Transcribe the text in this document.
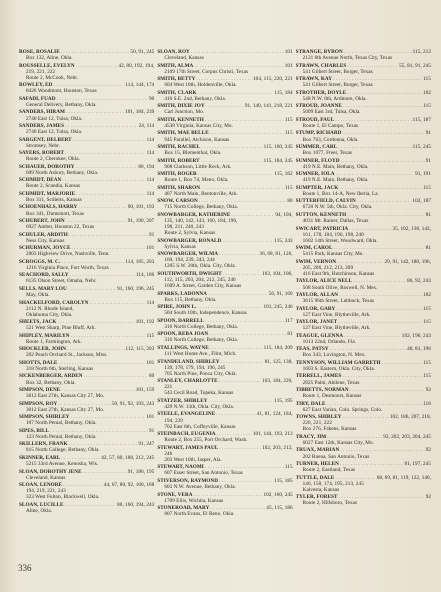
ROSE, ROSALIE . . .	50, 91, 245
Box 132, Aline, Okla.
ROUSSELLE, EVELYN . . .	42, 80, 192, 194,
219, 221, 222
Route 2, McCook, Nebr.
ROWLEY, ED . . .	114, 144, 174
8426 Woodmont, Houston, Texas
SAFADI, FUAD . . .	90
General Delivery, Bethany, Okla.
SANDERS, HIRAM . . .	101, 184, 239
2740 East 12, Tulsa, Okla.
SANDERS, JAMES . . .	24, 114
2740 East 12, Tulsa, Okla.
SARGENT, DELBERT . . .	114
Stromsey, Nebr.
SAYERS, ROBERT . . .	114
Route 2, Cherokee, Okla.
SCHAUER, DOROTHY . . .	80, 194
609 North Asbury, Bethany, Okla.
SCHMIDT, DEAN . . .	114
Route 2, Scandia, Kansas
SCHMIDT, MARJORIE . . .	114
Box 311, Scdierts, Kansas
SCHOENHALS, HARRY . . .	90, 101, 193
Box 341, Dumsmott, Texas
SCHUBERT, JOHN . . .	91, 190, 207
6927 Amber, Houston 22, Texas
SCHULER, ARDITH . . .	91
Ness City, Kansas
SCHURMAN, JOYCE . . .	101
2003 Highview Drive, Nashville, Tenn.
SCROGGS, M. C. . . .	114, 185, 203
1216 Virginia Place, Fort Worth, Texas
SEACHORD, SALLY . . .	114, 186
6135 Olson Street, Omaha, Nebr.
SELLS, MARY LOU . . .	91, 160, 196, 245
May, Okla.
SHACKELFORD, CAROLYN . . .	114
2112 N. Rhode Island,
Oklahoma City, Okla.
SHEETS, JACK . . .	101, 192
521 West Sharp, Pine Bluff, Ark.
SHIPLEY, MARILYN . . .	115
Route 1, Farmington, Ark.
SHOCKLER, JOHN . . .	112, 115, 203
202 Peach Orchard St., Jackson, Miss.
SHOTTS, DALE . . .	101
318 North 6th, Sterling, Kansas
SICKENBERGER, ARDEN . . .	80
Box 32, Bethany, Okla.
SIMPSON, DENE . . .	101, 159
3012 East 27th, Kansas City 27, Mo.
SIMPSON, ROY . . .	50, 91, 92, 193, 243
3012 East 27th, Kansas City 27, Mo.
SIMPSON, SHIRLEY . . .	101
107 North Penial, Bethany, Okla.
SIPES, BILL . . .	91
123 North Penial, Bethany, Okla.
SKILLERN, FRANK . . .	91, 247
815 North College, Bethany, Okla.
SKINNER, EARL . . .	42, 57, 80, 188, 212, 245
5215 33rd Avenue, Kenosha, Wis.
SLOAN, DOROTHY JENE . . .	91, 186, 195
Cleveland, Kansas
SLOAN, LENORE . . .	44, 67, 80, 92, 160, 168
194, 219, 221, 243
323 West Fulton, Blackwell, Okla.
SLOAN, LUCILLE . . .	80, 160, 194, 243
Aline, Okla.
SLOAN, ROY . . .	101
Cleveland, Kansas
SMITH, ALMA . . .	101
2109 17th Street, Corpus Christi, Texas
SMITH, BETTY . . .	104, 115, 220, 221
604 West 10th, Holdenville, Okla.
SMITH, CLARK . . .	115, 184
410 S.E. 2nd, Bethany, Okla.
SMITH, DIXIE JOY . . .	91, 140, 141, 218, 221
Carl Junction, Mo.
SMITH, KENNETH . . .	115
4538 Virginia, Kansas City, Mo.
SMITH, MAE BELLE . . .	115
945 Parallel, Atchison, Kansas
SMITH, RACHEL . . .	115, 160, 245
Box 15, Blomenthal, Okla.
SMITH, ROBERT . . .	115, 184, 245
908 Clarkson, Little Rock, Ark.
SMITH, ROGER . . .	115, 162
Route 1, Box 74, Meno, Okla.
SMITH, SHARON . . .	115
407 North Main, Bentonville, Ark.
SNOW, CARSON . . .	80
715 North College, Bethany, Okla.
SNOWBARGER, KATHERINE . . .	94, 104,
135, 140, 142, 143, 160, 184, 196,
198, 211, 240, 243
Route 2, Sylvia, Kansas
SNOWBARGER, RONALD . . .	115, 243
Sylvia, Kansas
SNOWBARGER, WILMA . . .	36, 68, 81, 126,
160, 194, 239, 243, 244
1205 S.W. 28th, Okla. City, Okla.
SOUTHWORTH, DWIGHT . . .	103, 104, 106,
112, 115, 203, 204, 212, 245, 246
1609 A. Street, Garden City, Kansas
SPARKS, LADONNA . . .	56, 91, 160
Box 115, Bethany, Okla.
SPIRE, JOHN L. . . .	101, 245, 246
504 South 10th, Independence, Kansas
SPOON, DARRELL . . .	117
316 North College, Bethany, Okla.
SPOON, REBA JOAN . . .	81
316 North College, Bethany, Okla.
STALLINGS, WAYNE . . .	115, 184, 209
111 West Home Ave., Flint, Mich.
STANDELAND, SHIRLEY . . .	81, 125, 138,
139, 178, 179, 194, 196, 245
705 North Pine, Ponca City, Okla.
STANLEY, CHARLOTTE . . .	103, 184, 220,
221
543 Cecil Road, Topeka, Kansas
STATZER, SHIRLEY . . .	115, 195
429 N.W. 13th, Okla. City, Okla.
STEELE, EVANGELINE . . .	41, 81, 124, 184,
194, 239
702 East 8th, Coffeyville, Kansas
STEINBACH, EUGENIA . . .	101, 144, 193, 213
Route 2, Box 255, Port Orchard, Wash.
STEWART, JAMES PAUL . . .	102, 203, 212,
246
203 West 10th, Jasper, Ala.
STEWART, NAOMI . . .	115
607 Esser Street, San Antonio, Texas
STIVERSON, RAYMOND . . .	115, 185
603 N.W. Avenue, Bethany, Okla.
STONE, VERA . . .	102, 160, 245
1709 Ellis, Wichita, Kansas
STONEROAD, MARY . . .	45, 115, 186
807 North Evans, El Reno, Okla.
STRANGE, BYRON . . .	115, 212
2121 6th Avenue North, Texas City, Texas
STRAWN, CHARLES . . .	55, 81, 91, 245
541 Gilbert Street, Borger, Texas
STRAWN, KAY . . .	115
541 Gilbert Street, Borger, Texas
STROTHER, DOYLE . . .	102
548 N.W. 8th, Ardmore, Okla.
STROUD, JOANNE . . .	115
5009 East 3rd, Tulsa, Okla.
STROUD, PAUL . . .	115, 187
Route 1, El Campo, Texas
STUMP, RICHARD . . .	91
Box 763, Cordonna, Okla.
SUMMER, CARL . . .	115, 245
Box 1077, Freer, Texas
SUMNER, FLOYD . . .	91
419 N.E. Main, Bethany, Okla.
SUMNER, IOLA . . .	91, 191
419 N.E. Main, Bethany, Okla.
SUMPTER, JACK . . .	115
Route 1, Box 14-A, New Iberia, La.
SUTTERFIELD, CALVIN . . .	102, 187
6720 N.W. 5th, Okla. City, Okla.
SUTTON, KENNETH . . .	81
4031 Mt. Rainer, Dallas, Texas
SWICART, PATRICIA . . .	35, 102, 138, 142,
161, 178, 184, 196, 198, 240
1602 14th Street, Woodward, Okla.
SWIM, CAROL . . .	81
5415 Park, Kansas City, Mo.
SWIM, VERNON . . .	29, 91, 142, 180, 196,
205, 206, 212, 213, 209
416 East 9th, Hutchinson, Kansas
TAYLOR, ALICE NELL . . .	86, 92, 243
508 South Olive, Roswell, N. Mex.
TAYLOR, ALLAN . . .	102
3615 96th Street, Lubbock, Texas
TAYLOR, GARY . . .	115
127 East Vine, Blytheville, Ark.
TAYLOR, JANET . . .	115
127 East Vine, Blytheville, Ark.
TEAGUE, GLENNA . . .	102, 196, 243
1013 22nd, Orlando, Fla.
TEAS, PATSY . . .	40, 81, 196
Box 343, Lovington, N. Mex.
TENNYSON, WILLIAM GARRETH . . .	115
1603 S. Eastern, Okla. City, Okla.
TERRELL, JAMES . . .	115
2825 Palm, Abilene, Texas
TIBBETTS, NORMAN . . .	92
Route 1, Desmoors, Kansas
TIRY, DALE . . .	116
627 East Varian, Colo. Springs, Colo.
TOWNS, SHIRLEY . . .	102, 186, 207, 218,
220, 221, 222
Box 276, Fabens, Kansas
TRACY, JIM . . .	92, 202, 203, 204, 245
6027 East 12th, Kansas City, Mo.
TRUAX, MARIAN . . .	92
202 Buena, San Antonio, Texas
TURNER, HELEN . . .	81, 197, 245
Route 2, Eastland, Texas
TUTTLE, DALE . . .	68, 69, 81, 119, 122, 140,
146, 158, 174, 195, 213, 245
Kalvesta, Kansas
TYLER, FOREST . . .	92
Route 2, Hillsboro, Texas
336
